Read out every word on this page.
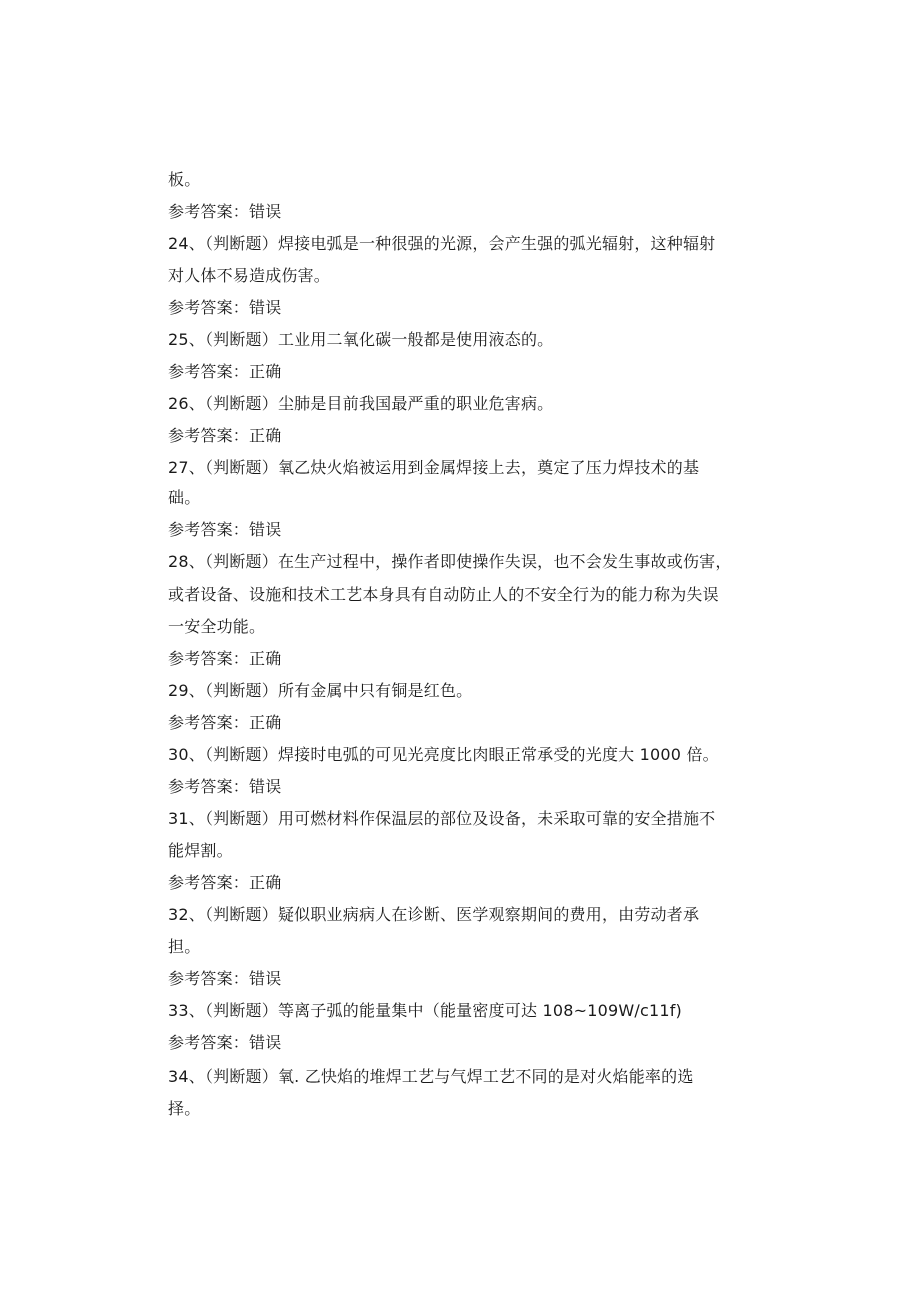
板。
参考答案：错误
24、（判断题）焊接电弧是一种很强的光源，会产生强的弧光辐射，这种辐射
对人体不易造成伤害。
参考答案：错误
25、（判断题）工业用二氧化碳一般都是使用液态的。
参考答案：正确
26、（判断题）尘肺是目前我国最严重的职业危害病。
参考答案：正确
27、（判断题）氧乙炔火焰被运用到金属焊接上去，奠定了压力焊技术的基
础。
参考答案：错误
28、（判断题）在生产过程中，操作者即使操作失误，也不会发生事故或伤害，
或者设备、设施和技术工艺本身具有自动防止人的不安全行为的能力称为失误
一安全功能。
参考答案：正确
29、（判断题）所有金属中只有铜是红色。
参考答案：正确
30、（判断题）焊接时电弧的可见光亮度比肉眼正常承受的光度大 1000 倍。
参考答案：错误
31、（判断题）用可燃材料作保温层的部位及设备，未采取可靠的安全措施不
能焊割。
参考答案：正确
32、（判断题）疑似职业病病人在诊断、医学观察期间的费用，由劳动者承
担。
参考答案：错误
33、（判断题）等离子弧的能量集中（能量密度可达 108~109W∕c11f)
参考答案：错误
34、（判断题）氧. 乙快焰的堆焊工艺与气焊工艺不同的是对火焰能率的选
择。
